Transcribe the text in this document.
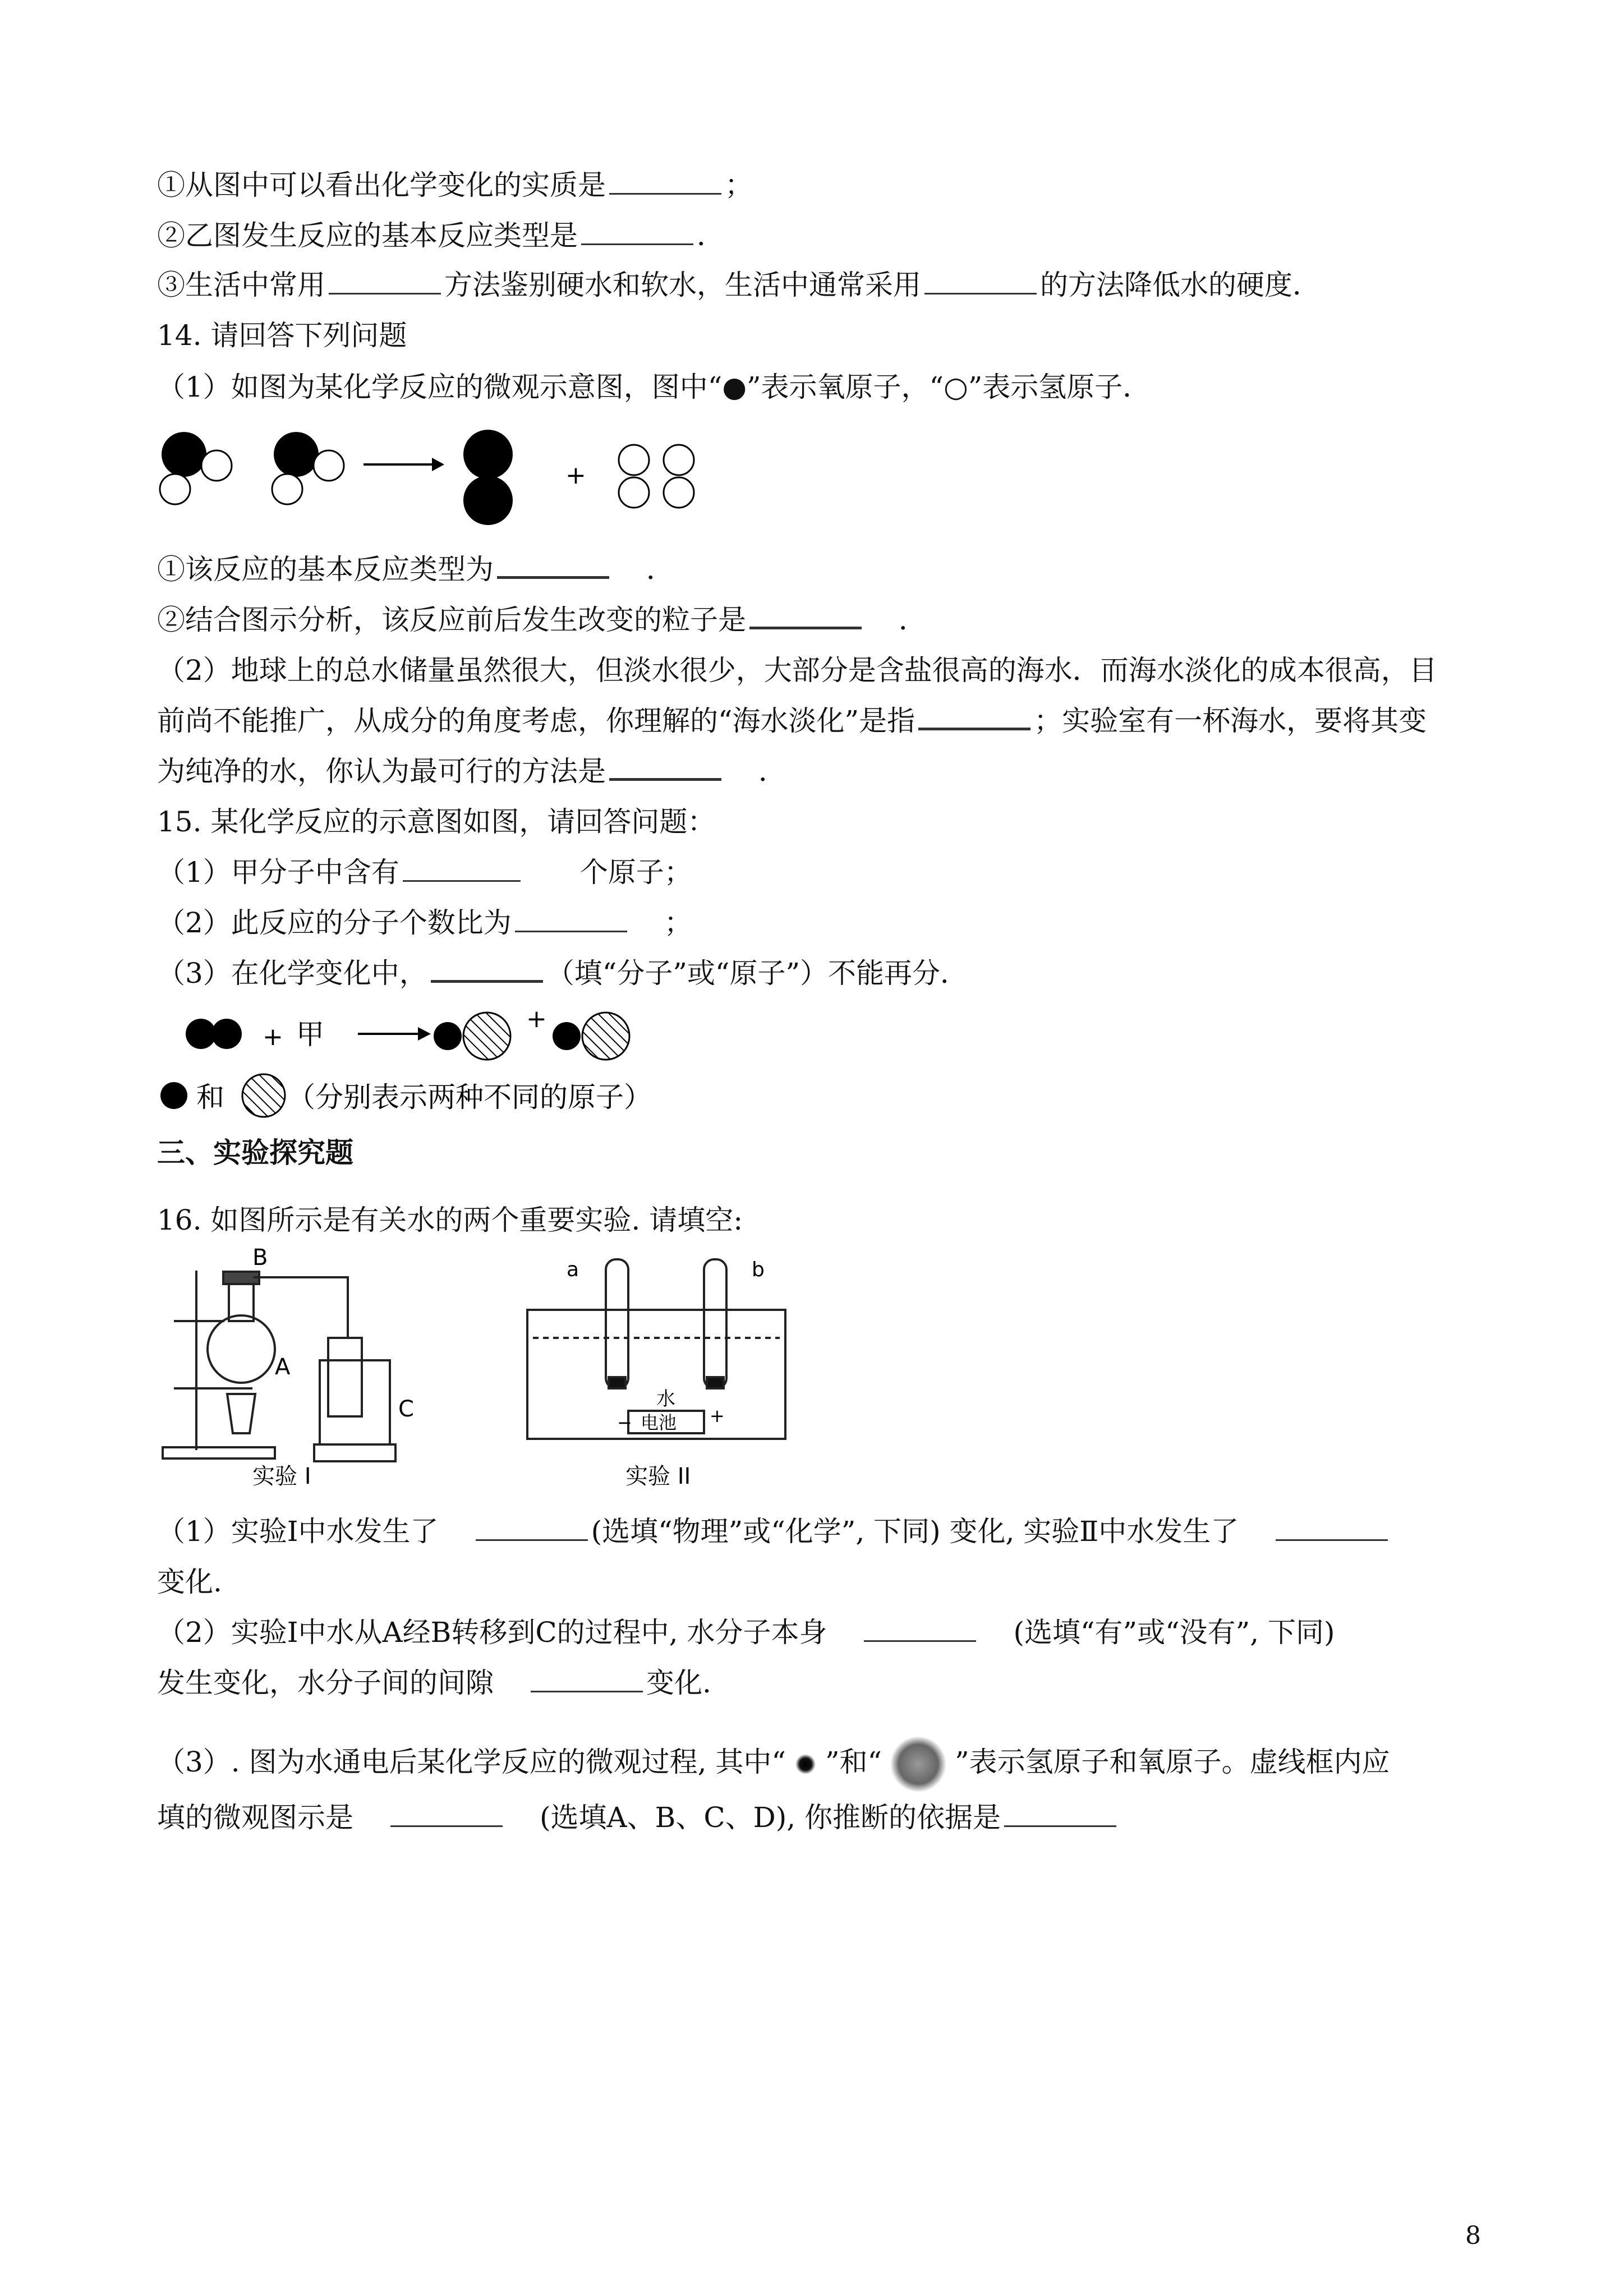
①从图中可以看出化学变化的实质是	；
②乙图发生反应的基本反应类型是	．
③生活中常用	方法鉴别硬水和软水，生活中通常采用	的方法降低水的硬度．
14. 请回答下列问题
（1）如图为某化学反应的微观示意图，图中“●”表示氧原子，“○”表示氢原子．
+
①该反应的基本反应类型为	．
②结合图示分析，该反应前后发生改变的粒子是	．
（2）地球上的总水储量虽然很大，但淡水很少，大部分是含盐很高的海水．而海水淡化的成本很高，目
前尚不能推广，从成分的角度考虑，你理解的“海水淡化”是指	；实验室有一杯海水，要将其变
为纯净的水，你认为最可行的方法是	．
15. 某化学反应的示意图如图，请回答问题：
（1）甲分子中含有	个原子；
（2）此反应的分子个数比为	；
（3）在化学变化中，	（填“分子”或“原子”）不能再分．
+ 甲	+
和 （分别表示两种不同的原子）
三、实验探究题
16. 如图所示是有关水的两个重要实验. 请填空:
B
A
C
实验 I
a	b
水
电池
−	+
实验 II
（1）实验Ⅰ中水发生了	(选填“物理”或“化学”, 下同) 变化, 实验Ⅱ中水发生了
变化.
（2）实验Ⅰ中水从A经B转移到C的过程中, 水分子本身	(选填“有”或“没有”, 下同)
发生变化，水分子间的间隙	变化.
（3）. 图为水通电后某化学反应的微观过程, 其中“ ”和“	”表示氢原子和氧原子。虚线框内应
填的微观图示是	(选填A、B、C、D), 你推断的依据是
8
